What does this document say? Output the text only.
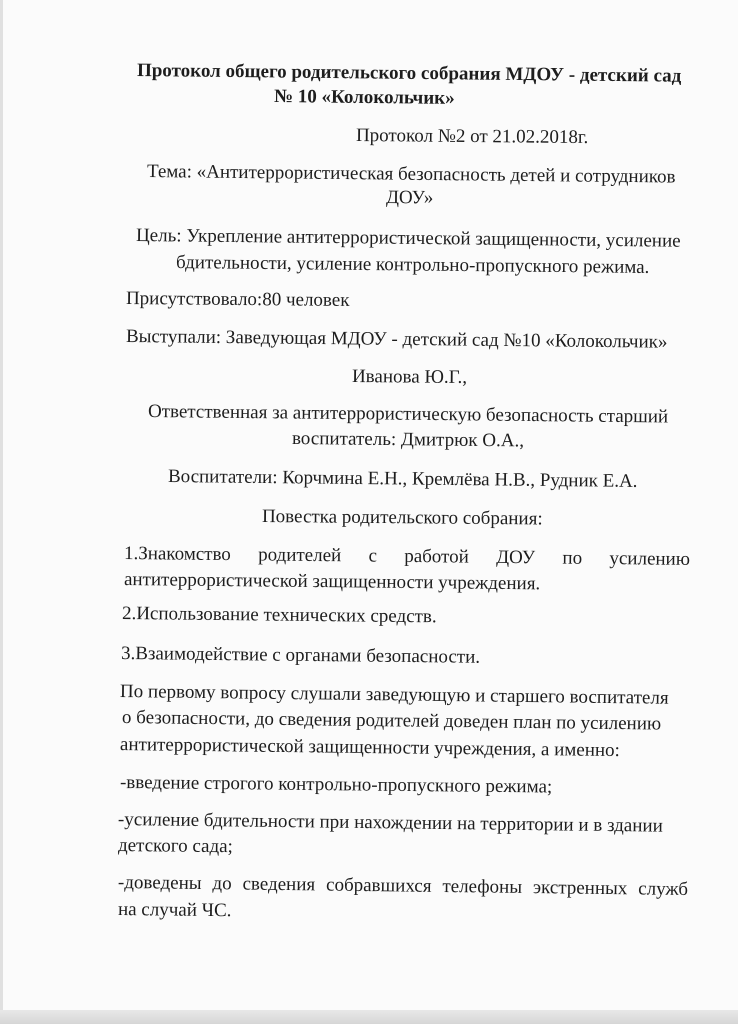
Протокол общего родительского собрания МДОУ - детский сад
№ 10 «Колокольчик»
Протокол №2 от 21.02.2018г.
Тема: «Антитеррористическая безопасность детей и сотрудников
ДОУ»
Цель: Укрепление антитеррористической защищенности, усиление
бдительности, усиление контрольно-пропускного режима.
Присутствовало:80 человек
Выступали: Заведующая МДОУ - детский сад №10 «Колокольчик»
Иванова Ю.Г.,
Ответственная за антитеррористическую безопасность старший
воспитатель: Дмитрюк О.А.,
Воспитатели: Корчмина Е.Н., Кремлёва Н.В., Рудник Е.А.
Повестка родительского собрания:
1.Знакомство родителей с работой ДОУ по усилению
антитеррористической защищенности учреждения.
2.Использование технических средств.
3.Взаимодействие с органами безопасности.
По первому вопросу слушали заведующую и старшего воспитателя
о безопасности, до сведения родителей доведен план по усилению
антитеррористической защищенности учреждения, а именно:
-введение строгого контрольно-пропускного режима;
-усиление бдительности при нахождении на территории и в здании
детского сада;
-доведены до сведения собравшихся телефоны экстренных служб
на случай ЧС.
